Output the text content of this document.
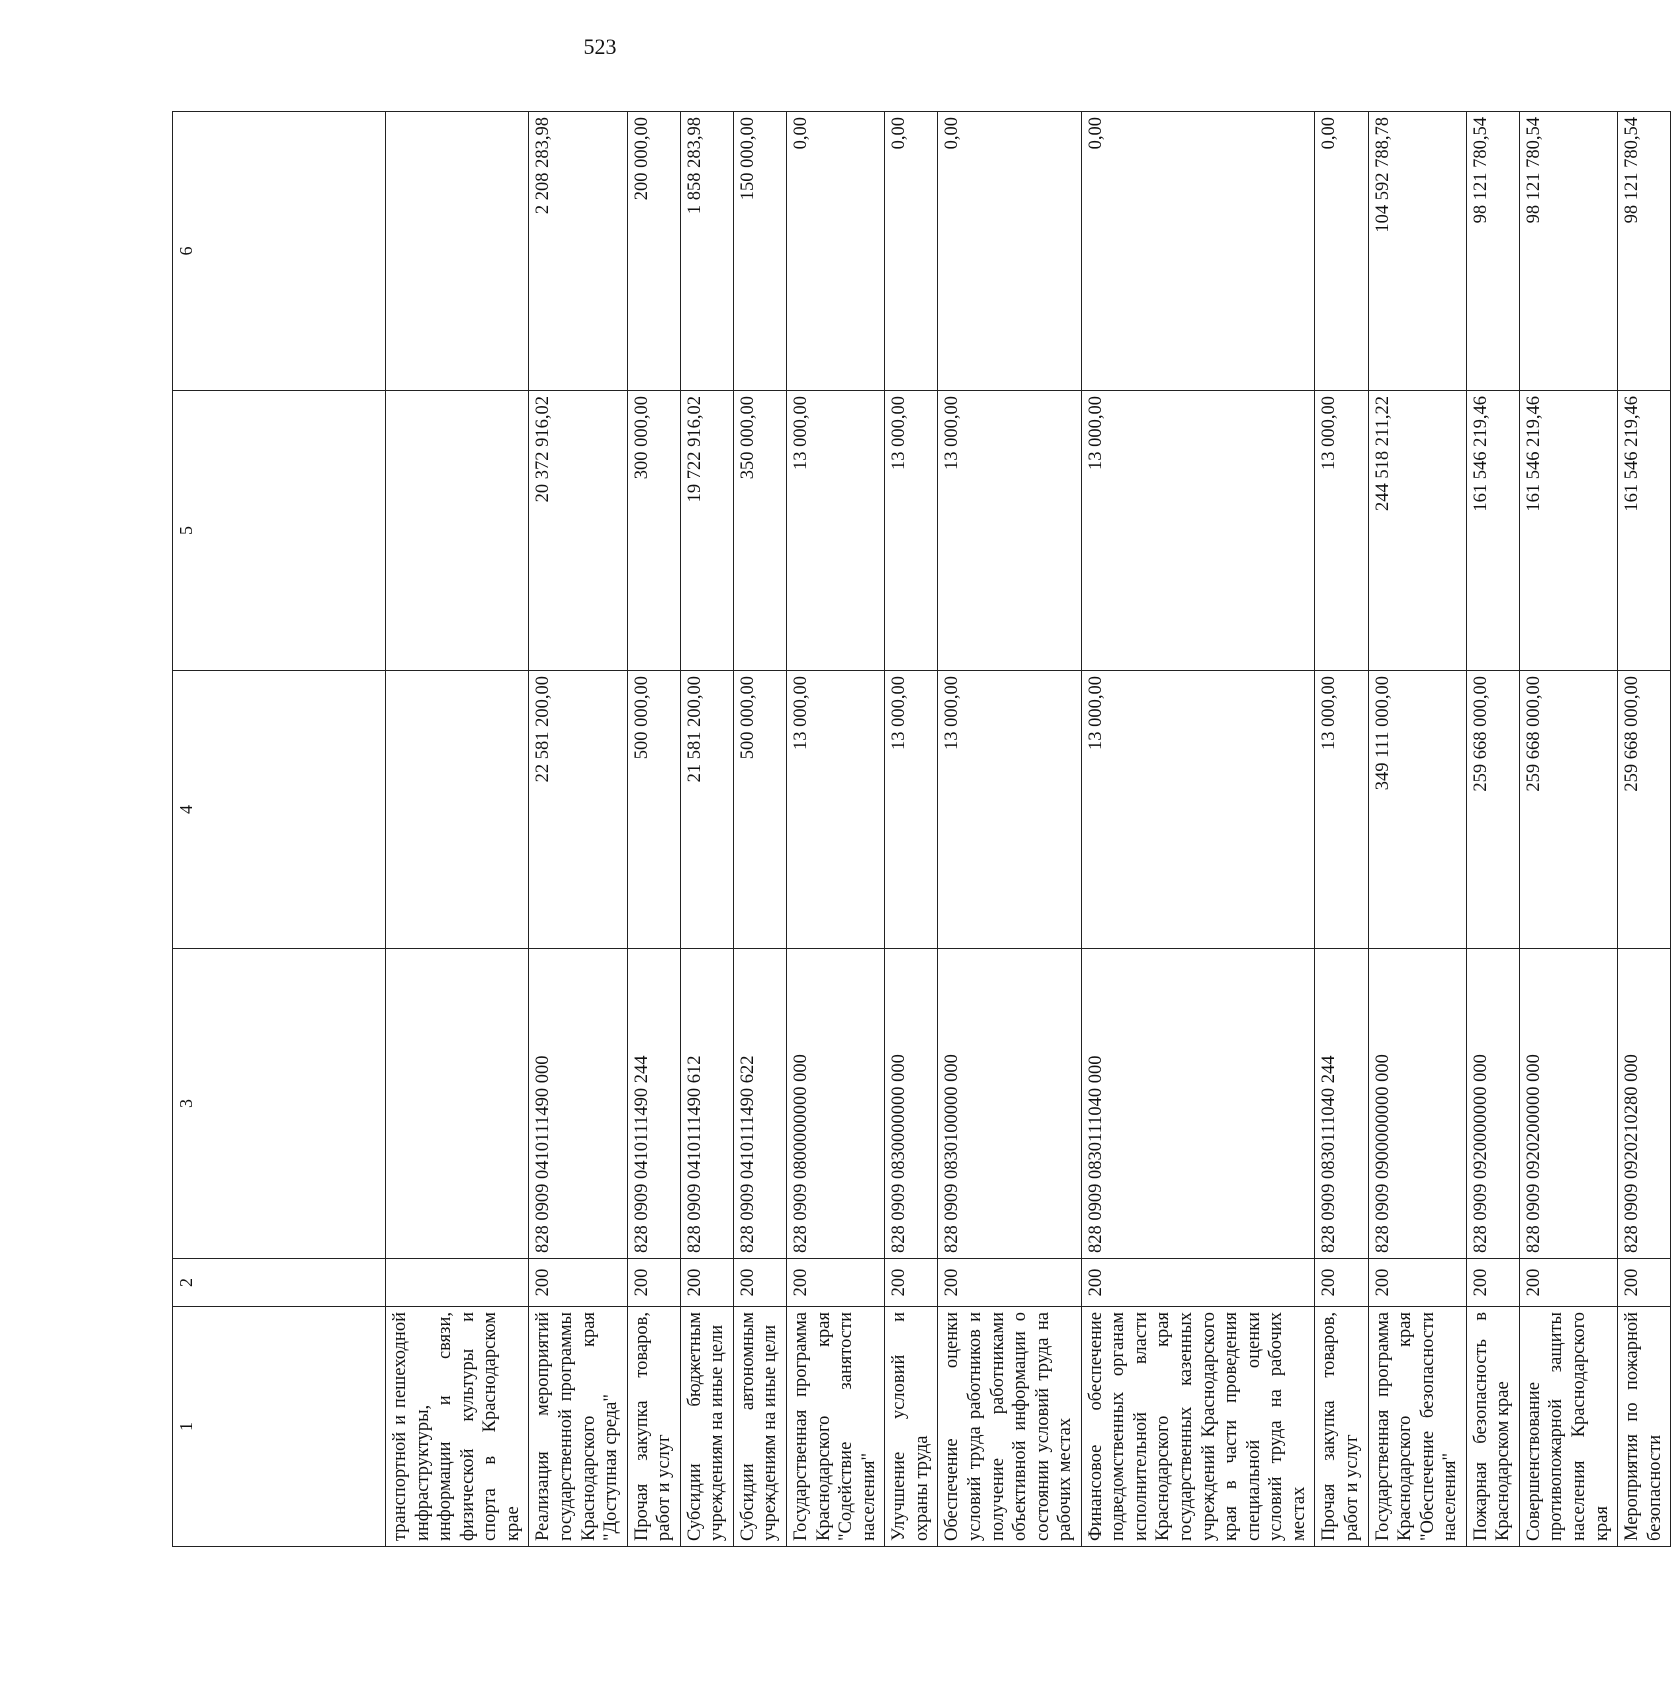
523
1	2	3	4	5	6
транспортной и пешеходной инфраструктуры, информации и связи, физической культуры и спорта в Краснодарском крае					
Реализация мероприятий государственной программы Краснодарского края "Доступная среда"	200	828 0909 0410111490 000	22 581 200,00	20 372 916,02	2 208 283,98
Прочая закупка товаров, работ и услуг	200	828 0909 0410111490 244	500 000,00	300 000,00	200 000,00
Субсидии бюджетным учреждениям на иные цели	200	828 0909 0410111490 612	21 581 200,00	19 722 916,02	1 858 283,98
Субсидии автономным учреждениям на иные цели	200	828 0909 0410111490 622	500 000,00	350 000,00	150 000,00
Государственная программа Краснодарского края "Содействие занятости населения"	200	828 0909 0800000000 000	13 000,00	13 000,00	0,00
Улучшение условий и охраны труда	200	828 0909 0830000000 000	13 000,00	13 000,00	0,00
Обеспечение оценки условий труда работников и получение работниками объективной информации о состоянии условий труда на рабочих местах	200	828 0909 0830100000 000	13 000,00	13 000,00	0,00
Финансовое обеспечение подведомственных органам исполнительной власти Краснодарского края государственных казенных учреждений Краснодарского края в части проведения специальной оценки условий труда на рабочих местах	200	828 0909 0830111040 000	13 000,00	13 000,00	0,00
Прочая закупка товаров, работ и услуг	200	828 0909 0830111040 244	13 000,00	13 000,00	0,00
Государственная программа Краснодарского края "Обеспечение безопасности населения"	200	828 0909 0900000000 000	349 111 000,00	244 518 211,22	104 592 788,78
Пожарная безопасность в Краснодарском крае	200	828 0909 0920000000 000	259 668 000,00	161 546 219,46	98 121 780,54
Совершенствование противопожарной защиты населения Краснодарского края	200	828 0909 0920200000 000	259 668 000,00	161 546 219,46	98 121 780,54
Мероприятия по пожарной безопасности	200	828 0909 0920210280 000	259 668 000,00	161 546 219,46	98 121 780,54
